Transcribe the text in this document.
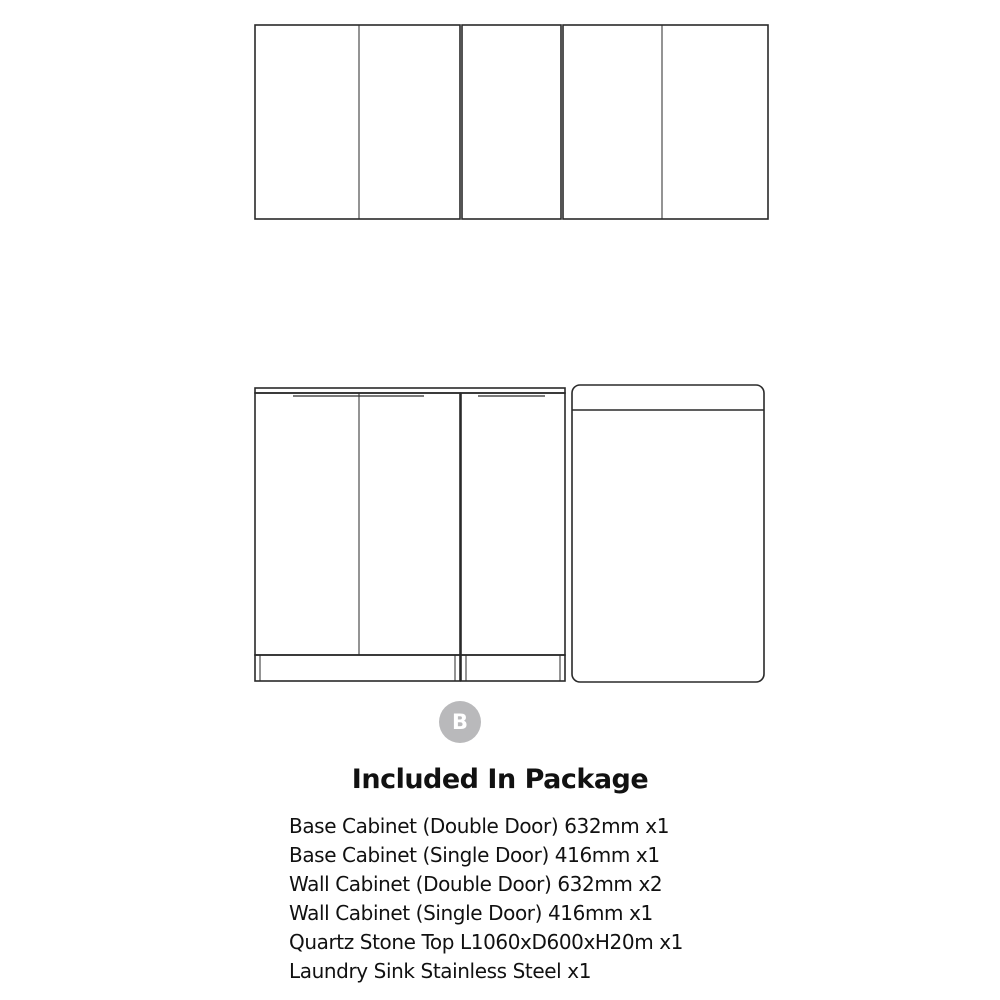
B
Included In Package
Base Cabinet (Double Door) 632mm x1
Base Cabinet (Single Door) 416mm x1
Wall Cabinet (Double Door) 632mm x2
Wall Cabinet (Single Door) 416mm x1
Quartz Stone Top L1060xD600xH20m x1
Laundry Sink Stainless Steel x1
